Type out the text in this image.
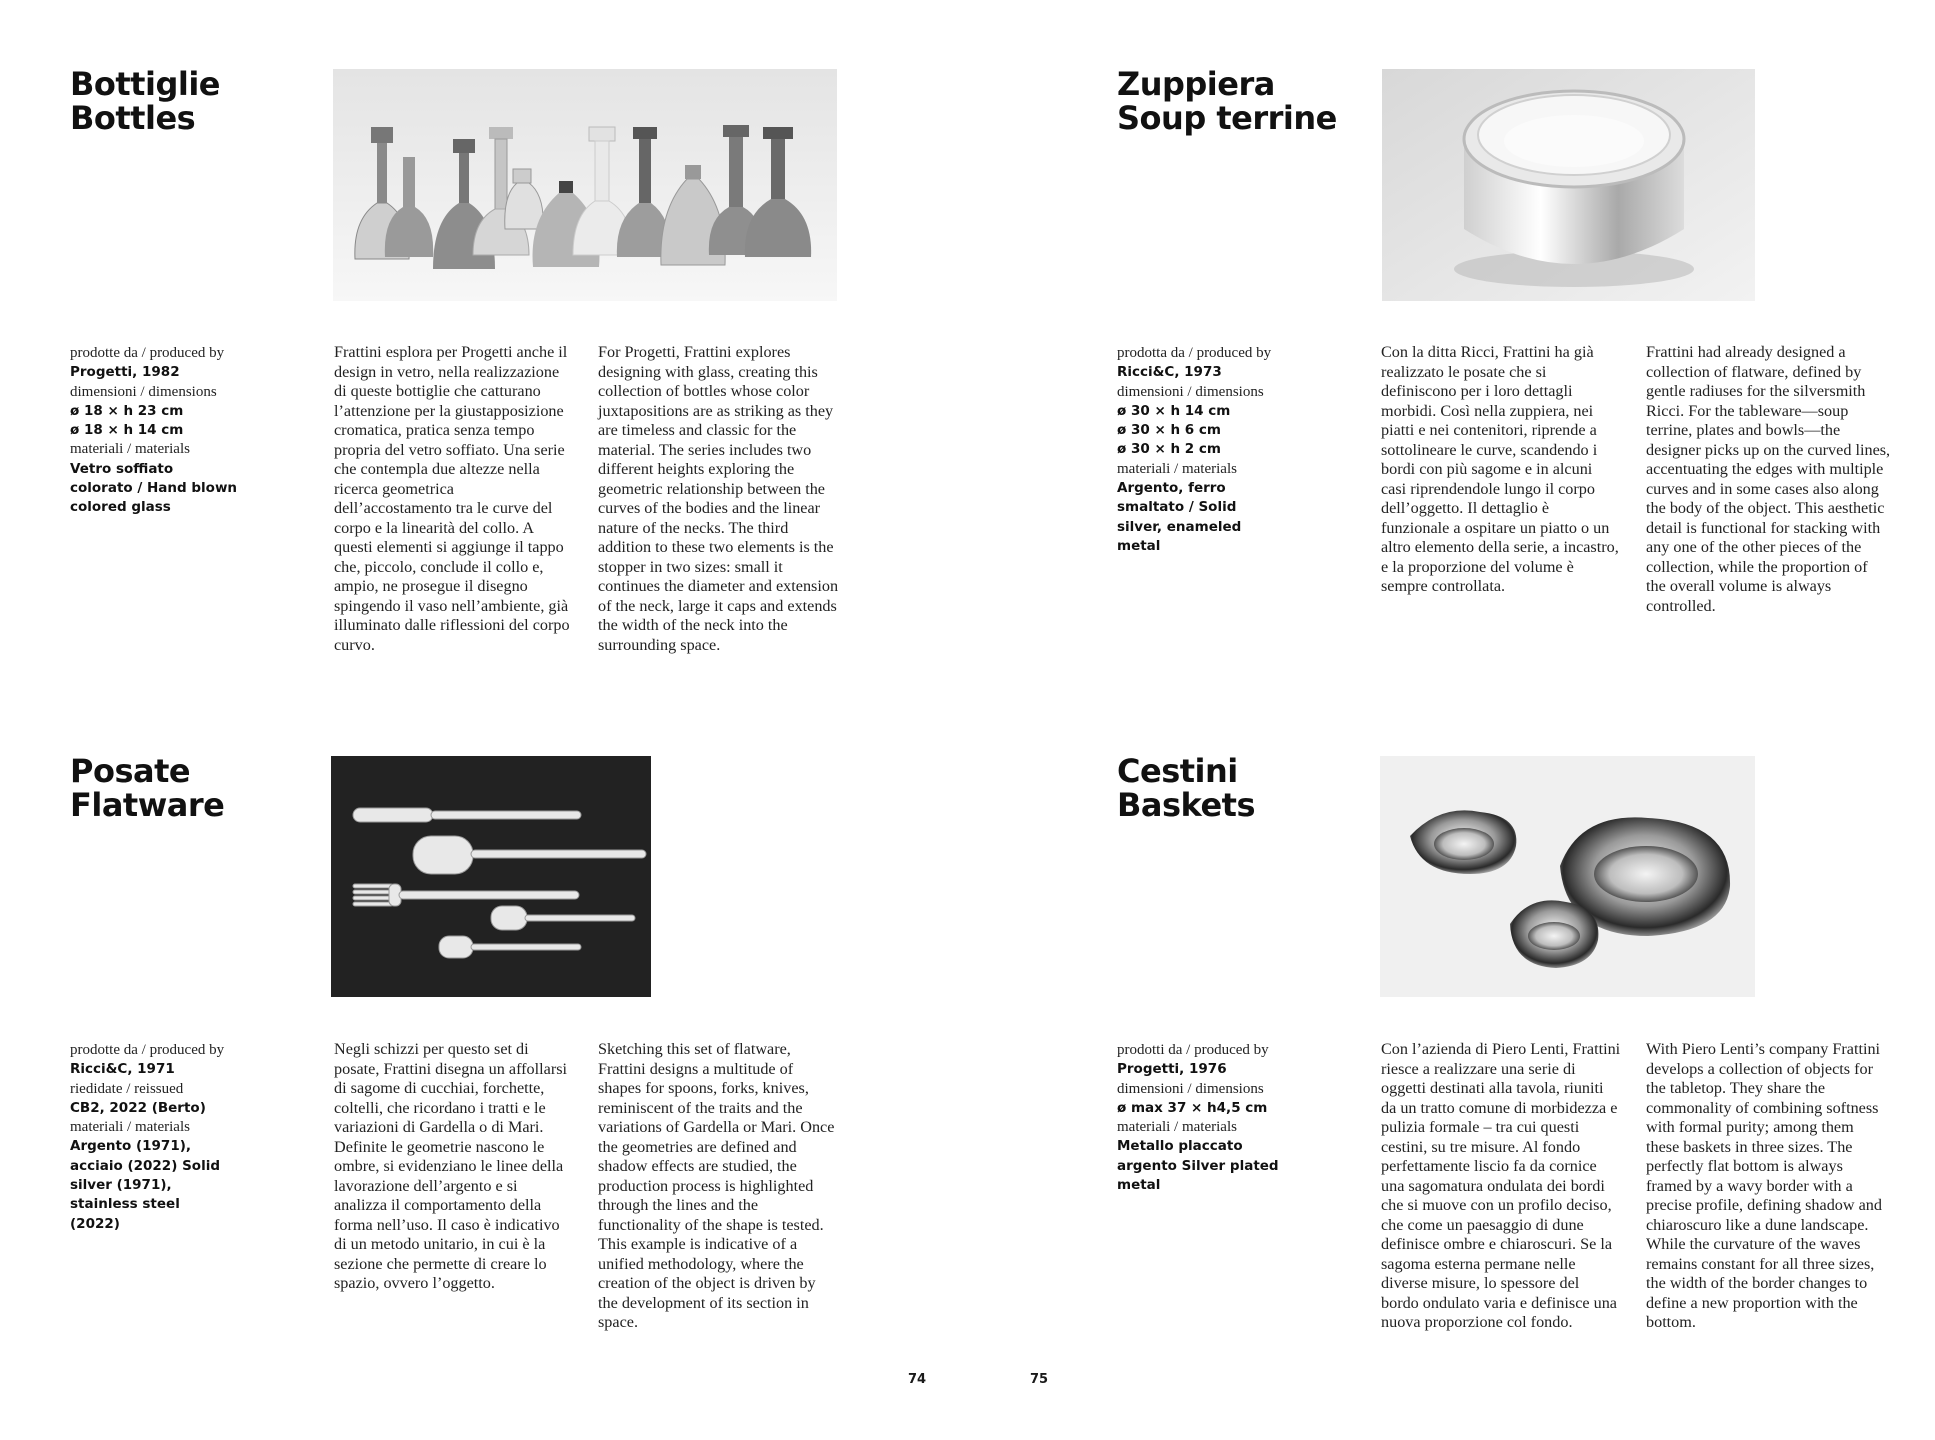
Bottiglie
Bottles
prodotte da / produced by
Progetti, 1982
dimensioni / dimensions
ø 18 × h 23 cm
ø 18 × h 14 cm
materiali / materials
Vetro soffiato colorato / Hand blown colored glass
Frattini esplora per Progetti anche il design in vetro, nella realizzazione di queste bottiglie che catturano l’attenzione per la giustapposizione cromatica, pratica senza tempo propria del vetro soffiato. Una serie che contempla due altezze nella ricerca geometrica dell’accostamento tra le curve del corpo e la linearità del collo. A questi elementi si aggiunge il tappo che, piccolo, conclude il collo e, ampio, ne prosegue il disegno spingendo il vaso nell’ambiente, già illuminato dalle riflessioni del corpo curvo.
For Progetti, Frattini explores designing with glass, creating this collection of bottles whose color juxtapositions are as striking as they are timeless and classic for the material. The series includes two different heights exploring the geometric relationship between the curves of the bodies and the linear nature of the necks. The third addition to these two elements is the stopper in two sizes: small it continues the diameter and extension of the neck, large it caps and extends the width of the neck into the surrounding space.
Zuppiera
Soup terrine
prodotta da / produced by
Ricci&C, 1973
dimensioni / dimensions
ø 30 × h 14 cm
ø 30 × h 6 cm
ø 30 × h 2 cm
materiali / materials
Argento, ferro smaltato / Solid silver, enameled metal
Con la ditta Ricci, Frattini ha già realizzato le posate che si definiscono per i loro dettagli morbidi. Così nella zuppiera, nei piatti e nei contenitori, riprende a sottolineare le curve, scandendo i bordi con più sagome e in alcuni casi riprendendole lungo il corpo dell’oggetto. Il dettaglio è funzionale a ospitare un piatto o un altro elemento della serie, a incastro, e la proporzione del volume è sempre controllata.
Frattini had already designed a collection of flatware, defined by gentle radiuses for the silversmith Ricci. For the tableware—soup terrine, plates and bowls—the designer picks up on the curved lines, accentuating the edges with multiple curves and in some cases also along the body of the object. This aesthetic detail is functional for stacking with any one of the other pieces of the collection, while the proportion of the overall volume is always controlled.
Posate
Flatware
prodotte da / produced by
Ricci&C, 1971
riedidate / reissued
CB2, 2022 (Berto)
materiali / materials
Argento (1971), acciaio (2022) Solid silver (1971), stainless steel (2022)
Negli schizzi per questo set di posate, Frattini disegna un affollarsi di sagome di cucchiai, forchette, coltelli, che ricordano i tratti e le variazioni di Gardella o di Mari. Definite le geometrie nascono le ombre, si evidenziano le linee della lavorazione dell’argento e si analizza il comportamento della forma nell’uso. Il caso è indicativo di un metodo unitario, in cui è la sezione che permette di creare lo spazio, ovvero l’oggetto.
Sketching this set of flatware, Frattini designs a multitude of shapes for spoons, forks, knives, reminiscent of the traits and the variations of Gardella or Mari. Once the geometries are defined and shadow effects are studied, the production process is highlighted through the lines and the functionality of the shape is tested. This example is indicative of a unified methodology, where the creation of the object is driven by the development of its section in space.
Cestini
Baskets
prodotti da / produced by
Progetti, 1976
dimensioni / dimensions
ø max 37 × h4,5 cm
materiali / materials
Metallo placcato argento Silver plated metal
Con l’azienda di Piero Lenti, Frattini riesce a realizzare una serie di oggetti destinati alla tavola, riuniti da un tratto comune di morbidezza e pulizia formale – tra cui questi cestini, su tre misure. Al fondo perfettamente liscio fa da cornice una sagomatura ondulata dei bordi che si muove con un profilo deciso, che come un paesaggio di dune definisce ombre e chiaroscuri. Se la sagoma esterna permane nelle diverse misure, lo spessore del bordo ondulato varia e definisce una nuova proporzione col fondo.
With Piero Lenti’s company Frattini develops a collection of objects for the tabletop. They share the commonality of combining softness with formal purity; among them these baskets in three sizes. The perfectly flat bottom is always framed by a wavy border with a precise profile, defining shadow and chiaroscuro like a dune landscape. While the curvature of the waves remains constant for all three sizes, the width of the border changes to define a new proportion with the bottom.
74	75
